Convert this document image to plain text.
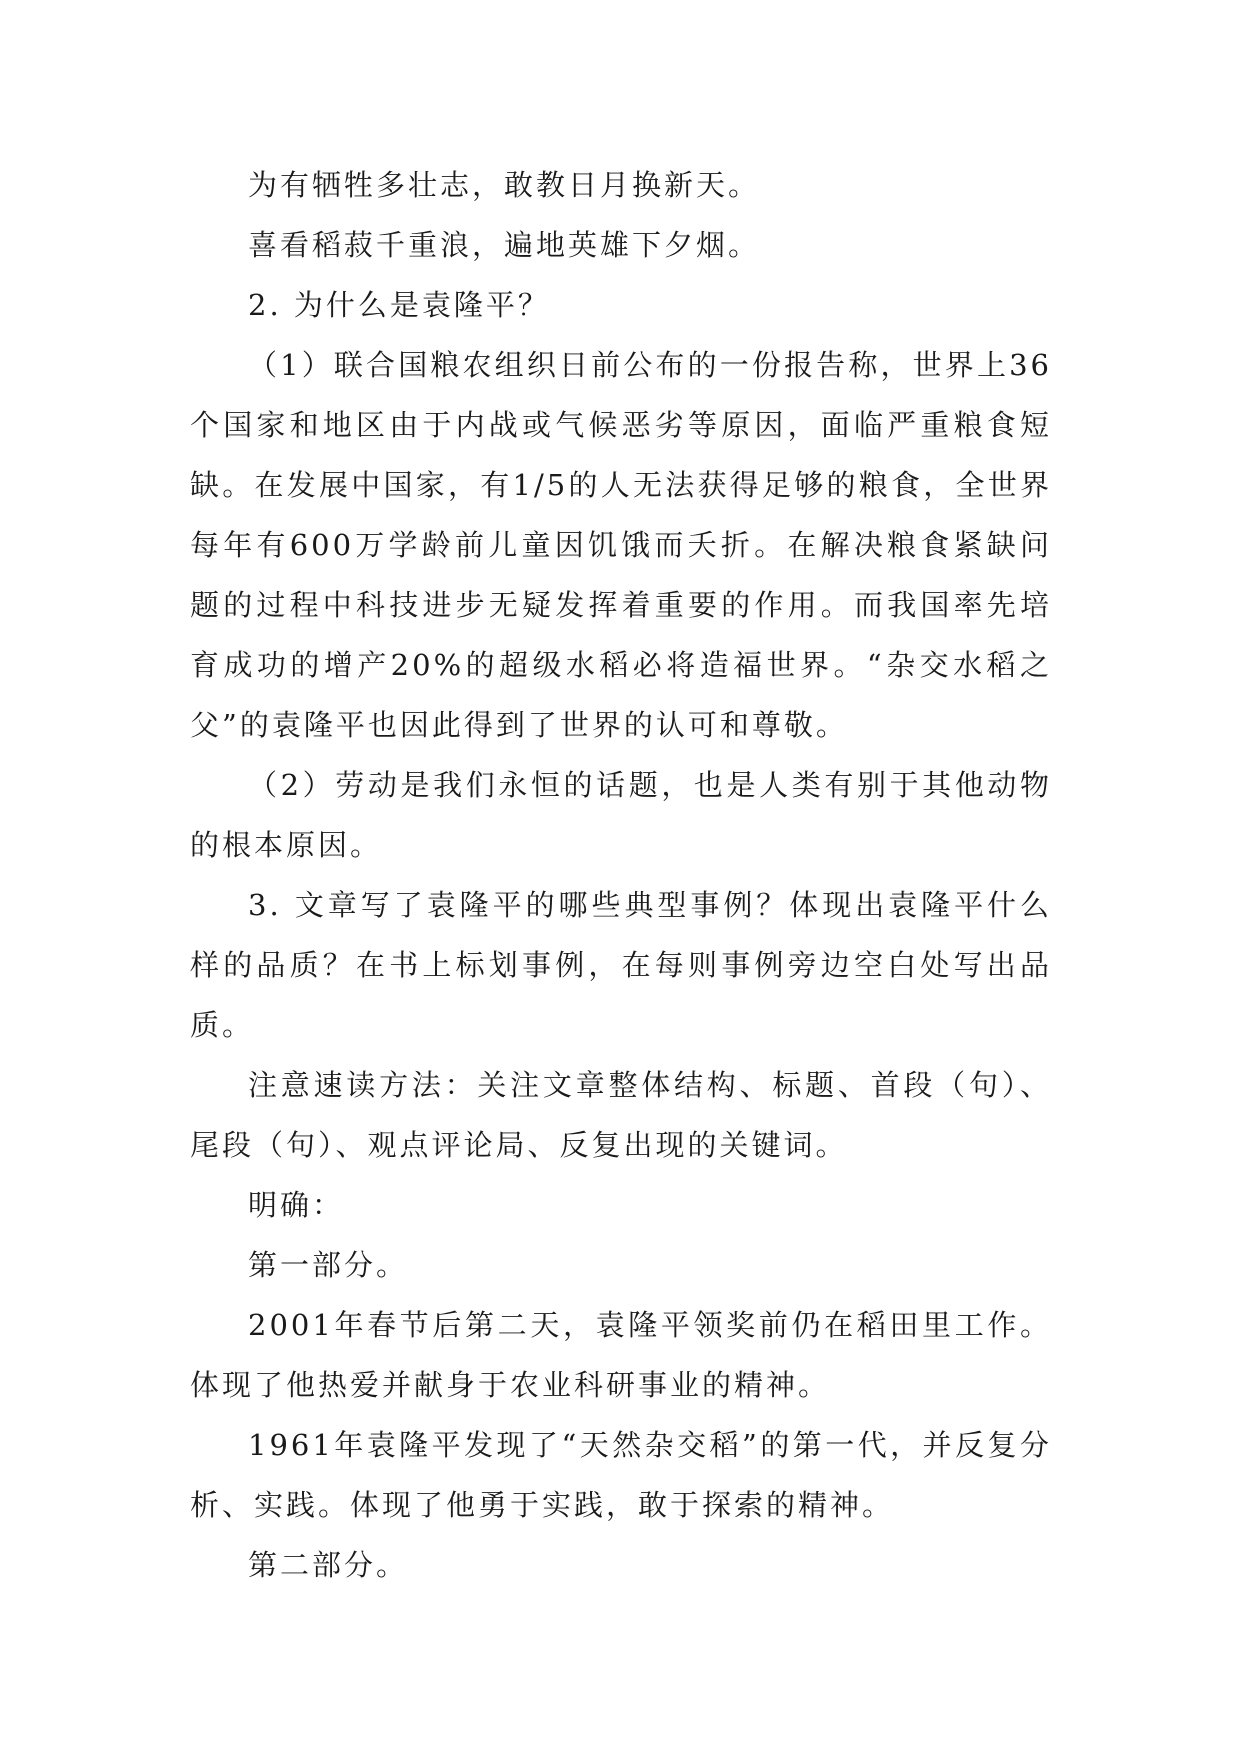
为有牺牲多壮志，敢教日月换新天。

喜看稻菽千重浪，遍地英雄下夕烟。

2. 为什么是袁隆平？

（1）联合国粮农组织日前公布的一份报告称，世界上36个国家和地区由于内战或气候恶劣等原因，面临严重粮食短缺。在发展中国家，有1/5的人无法获得足够的粮食，全世界每年有600万学龄前儿童因饥饿而夭折。在解决粮食紧缺问题的过程中科技进步无疑发挥着重要的作用。而我国率先培育成功的增产20%的超级水稻必将造福世界。“杂交水稻之父”的袁隆平也因此得到了世界的认可和尊敬。

（2）劳动是我们永恒的话题，也是人类有别于其他动物的根本原因。

3. 文章写了袁隆平的哪些典型事例？体现出袁隆平什么样的品质？在书上标划事例，在每则事例旁边空白处写出品质。

注意速读方法：关注文章整体结构、标题、首段（句）、尾段（句）、观点评论局、反复出现的关键词。

明确：

第一部分。

2001年春节后第二天，袁隆平领奖前仍在稻田里工作。体现了他热爱并献身于农业科研事业的精神。

1961年袁隆平发现了“天然杂交稻”的第一代，并反复分析、实践。体现了他勇于实践，敢于探索的精神。

第二部分。
